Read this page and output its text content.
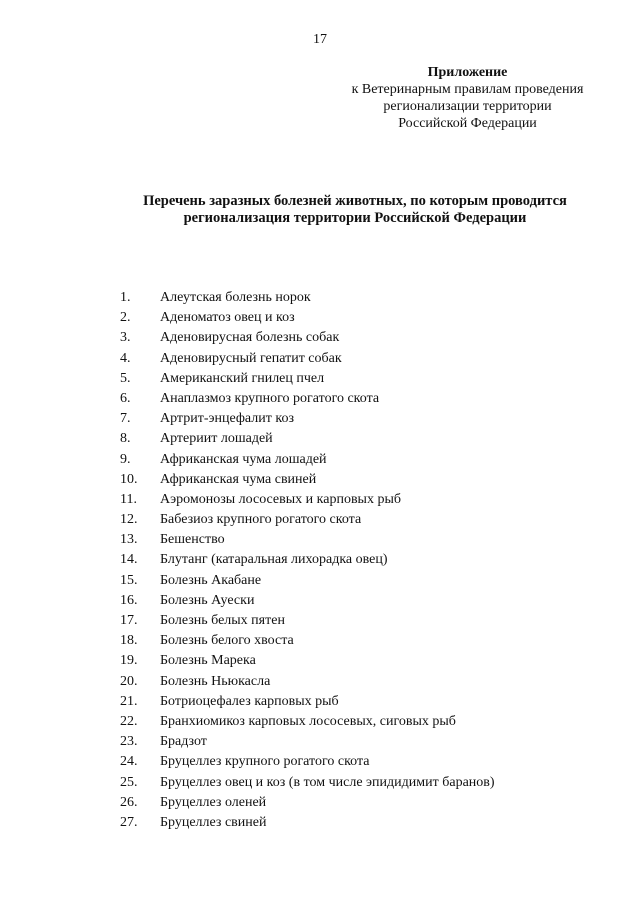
17
Приложение
к Ветеринарным правилам проведения
регионализации территории
Российской Федерации
Перечень заразных болезней животных, по которым проводится
регионализация территории Российской Федерации
1.	Алеутская болезнь норок
2.	Аденоматоз овец и коз
3.	Аденовирусная болезнь собак
4.	Аденовирусный гепатит собак
5.	Американский гнилец пчел
6.	Анаплазмоз крупного рогатого скота
7.	Артрит-энцефалит коз
8.	Артериит лошадей
9.	Африканская чума лошадей
10.	Африканская чума свиней
11.	Аэромонозы лососевых и карповых рыб
12.	Бабезиоз крупного рогатого скота
13.	Бешенство
14.	Блутанг (катаральная лихорадка овец)
15.	Болезнь Акабане
16.	Болезнь Ауески
17.	Болезнь белых пятен
18.	Болезнь белого хвоста
19.	Болезнь Марека
20.	Болезнь Ньюкасла
21.	Ботриоцефалез карповых рыб
22.	Бранхиомикоз карповых лососевых, сиговых рыб
23.	Брадзот
24.	Бруцеллез крупного рогатого скота
25.	Бруцеллез овец и коз (в том числе эпидидимит баранов)
26.	Бруцеллез оленей
27.	Бруцеллез свиней
